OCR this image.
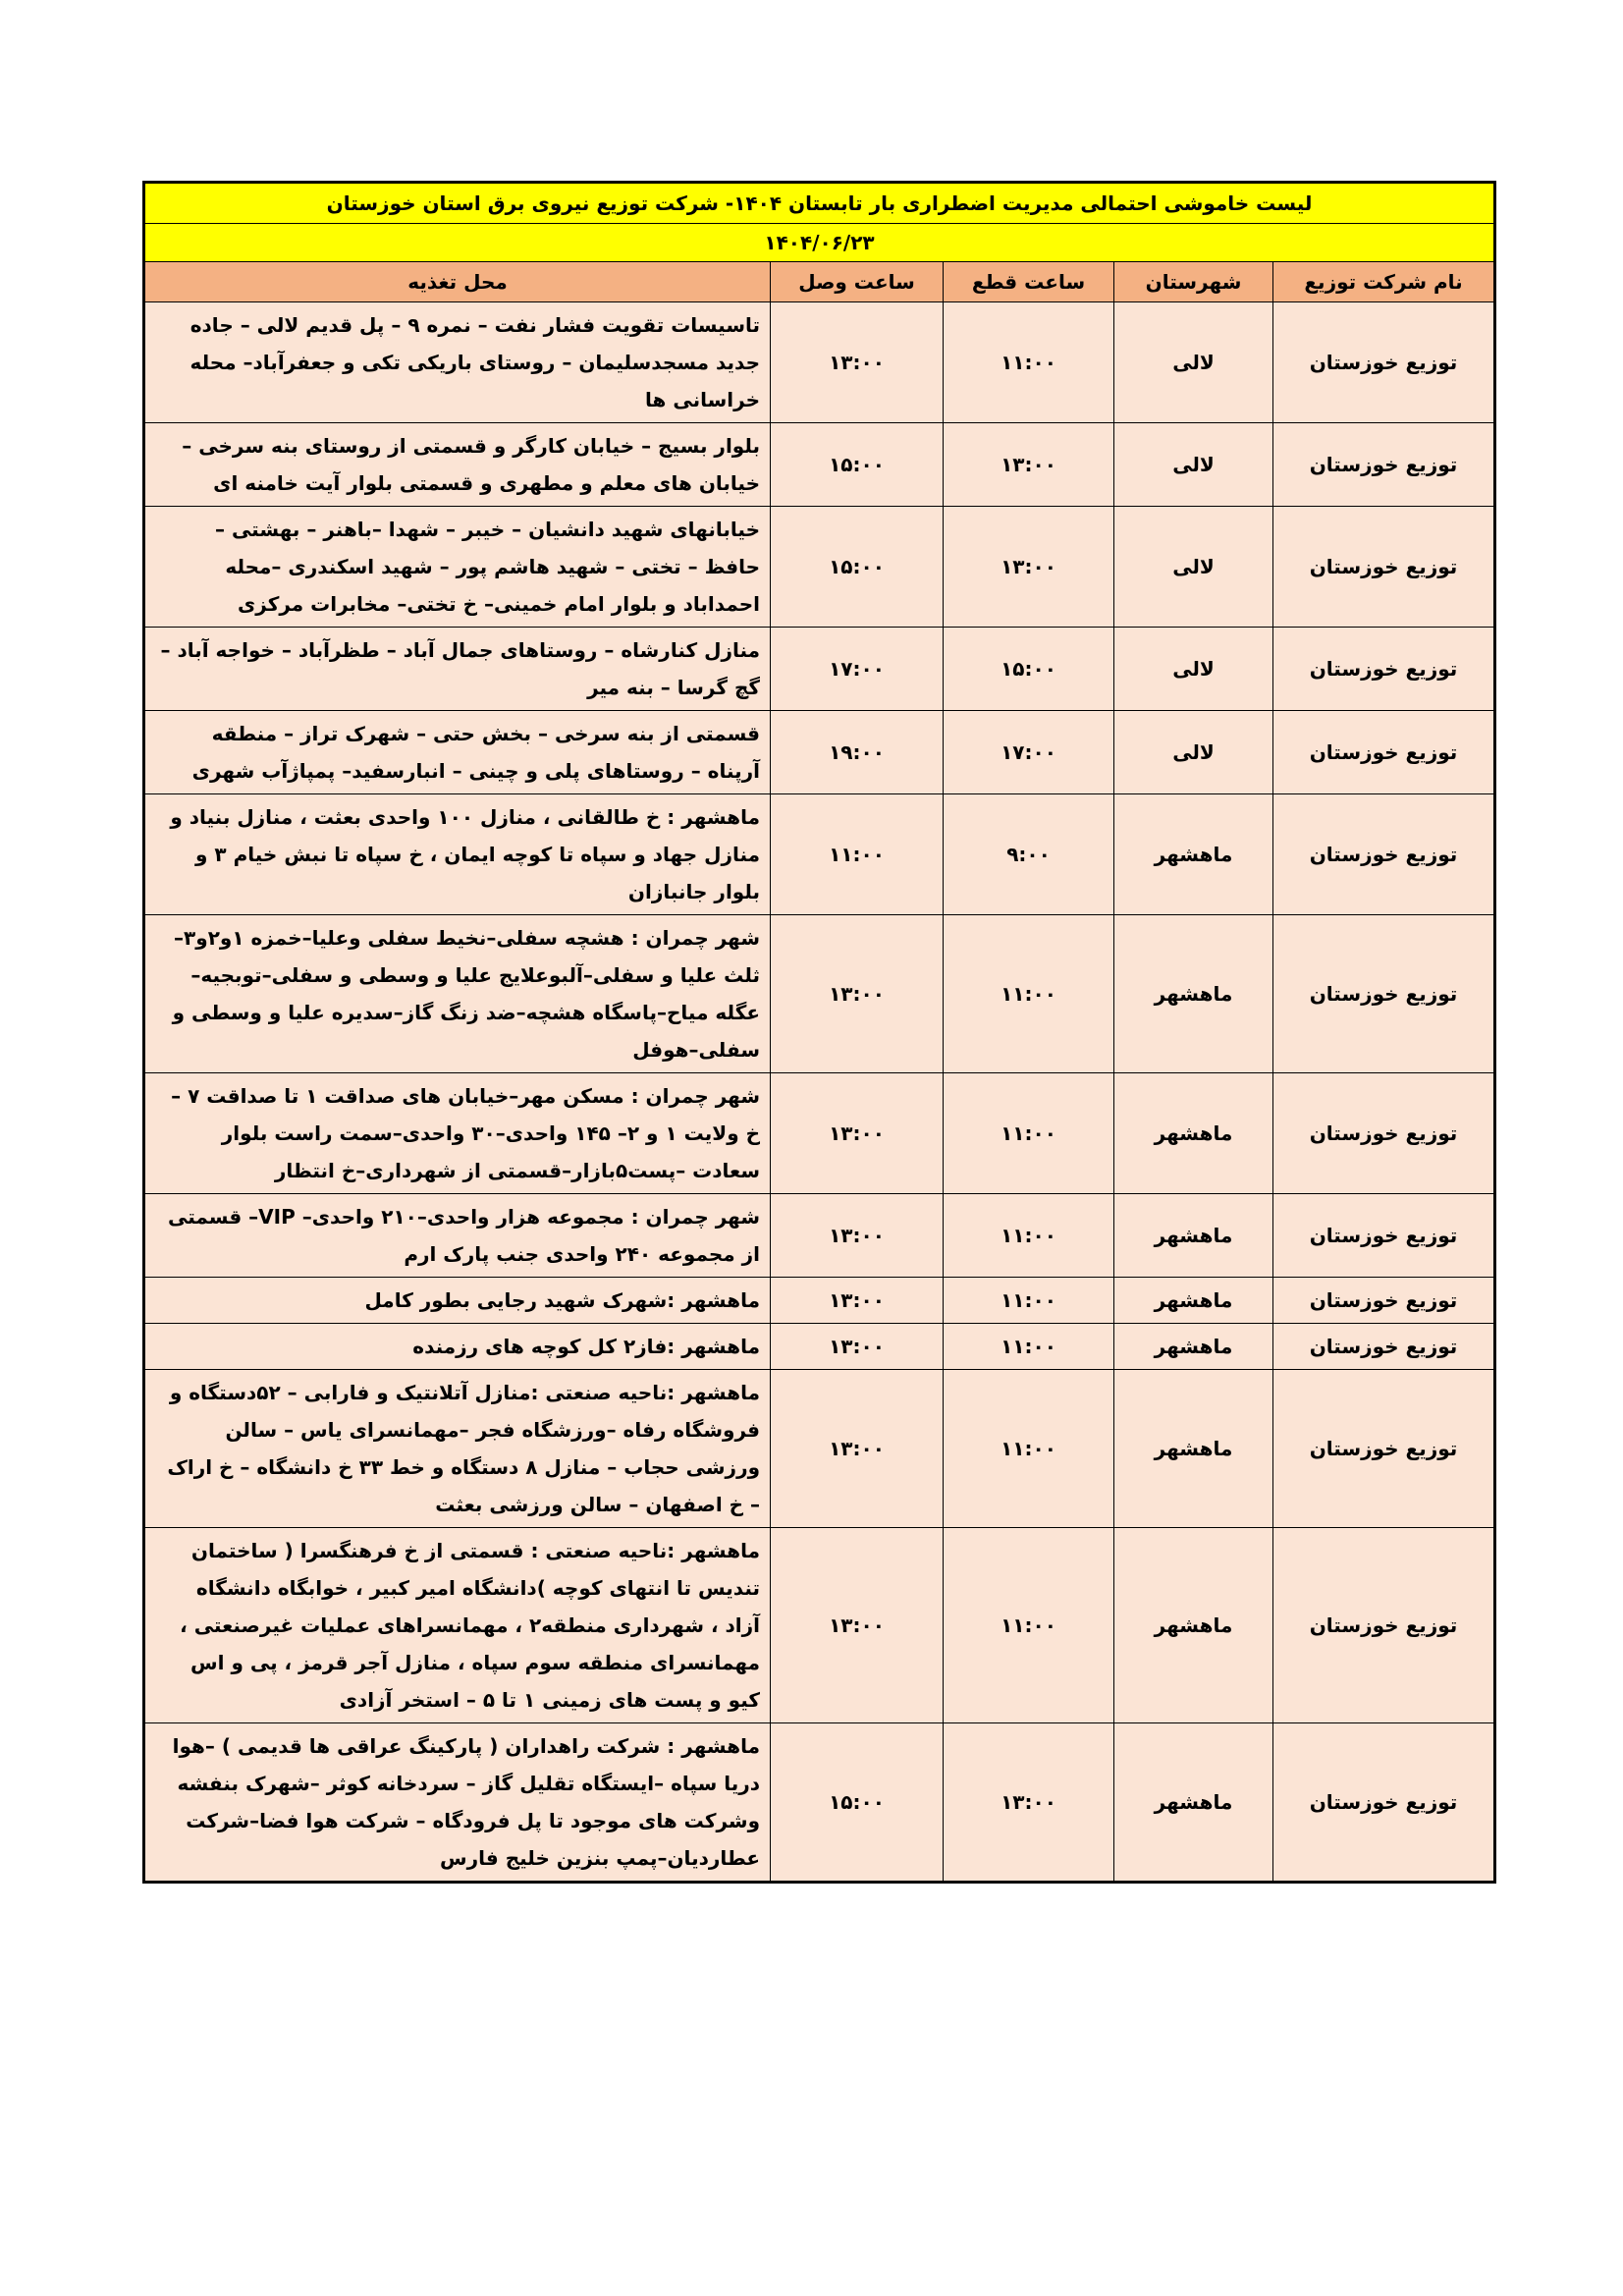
لیست خاموشی احتمالی مدیریت اضطراری بار تابستان ۱۴۰۴- شرکت توزیع نیروی برق استان خوزستان				
۱۴۰۴/۰۶/۲۳				
نام شرکت توزیع	شهرستان	ساعت قطع	ساعت وصل	محل تغذیه
توزیع خوزستان	لالی	۱۱:۰۰	۱۳:۰۰	تاسیسات تقویت فشار نفت – نمره ۹ – پل قدیم لالی – جاده جدید مسجدسلیمان – روستای باریکی تکی و جعفرآباد– محله خراسانی ها
توزیع خوزستان	لالی	۱۳:۰۰	۱۵:۰۰	بلوار بسیج – خیابان کارگر و قسمتی از روستای بنه سرخی – خیابان های معلم و مطهری و قسمتی بلوار آیت خامنه ای
توزیع خوزستان	لالی	۱۳:۰۰	۱۵:۰۰	خیابانهای شهید دانشیان – خیبر – شهدا –باهنر – بهشتی – حافظ – تختی – شهید هاشم پور – شهید اسکندری –محله احمداباد و بلوار امام خمینی– خ تختی– مخابرات مرکزی
توزیع خوزستان	لالی	۱۵:۰۰	۱۷:۰۰	منازل کنارشاه – روستاهای جمال آباد – طظرآباد – خواجه آباد – گچ گرسا – بنه میر
توزیع خوزستان	لالی	۱۷:۰۰	۱۹:۰۰	قسمتی از بنه سرخی – بخش حتی – شهرک تراز – منطقه آرپناه – روستاهای پلی و چینی – انبارسفید– پمپاژآب شهری
توزیع خوزستان	ماهشهر	۹:۰۰	۱۱:۰۰	ماهشهر : خ طالقانی ، منازل ۱۰۰ واحدی بعثت ، منازل بنیاد و منازل جهاد و سپاه تا کوچه ایمان ، خ سپاه تا نبش خیام ۳ و بلوار جانبازان
توزیع خوزستان	ماهشهر	۱۱:۰۰	۱۳:۰۰	شهر چمران : هشچه سفلی–نخیط سفلی وعلیا–خمزه ۱و۲و۳– ثلث علیا و سفلی–آلبوعلایج علیا و وسطی و سفلی–توبجیه– عگله میاح–پاسگاه هشچه–ضد زنگ گاز–سدیره علیا و وسطی و سفلی–هوفل
توزیع خوزستان	ماهشهر	۱۱:۰۰	۱۳:۰۰	شهر چمران : مسکن مهر–خیابان های صداقت ۱ تا صداقت ۷ – خ ولایت ۱ و ۲– ۱۴۵ واحدی–۳۰ واحدی–سمت راست بلوار سعادت –پست۵بازار–قسمتی از شهرداری–خ انتظار
توزیع خوزستان	ماهشهر	۱۱:۰۰	۱۳:۰۰	شهر چمران : مجموعه هزار واحدی–۲۱۰ واحدی– VIP– قسمتی از مجموعه ۲۴۰ واحدی جنب پارک ارم
توزیع خوزستان	ماهشهر	۱۱:۰۰	۱۳:۰۰	ماهشهر :شهرک شهید رجایی بطور کامل
توزیع خوزستان	ماهشهر	۱۱:۰۰	۱۳:۰۰	ماهشهر :فاز۲ کل کوچه های رزمنده
توزیع خوزستان	ماهشهر	۱۱:۰۰	۱۳:۰۰	ماهشهر :ناحیه صنعتی :منازل آتلانتیک و فارابی – ۵۲دستگاه و فروشگاه رفاه –ورزشگاه فجر –مهمانسرای یاس – سالن ورزشی حجاب – منازل ۸ دستگاه و خط ۳۳ خ دانشگاه – خ اراک – خ اصفهان – سالن ورزشی بعثت
توزیع خوزستان	ماهشهر	۱۱:۰۰	۱۳:۰۰	ماهشهر :ناحیه صنعتی : قسمتی از خ فرهنگسرا ( ساختمان تندیس تا انتهای کوچه )دانشگاه امیر کبیر ، خوابگاه دانشگاه آزاد ، شهرداری منطقه۲ ، مهمانسراهای عملیات غیرصنعتی ، مهمانسرای منطقه سوم سپاه ، منازل آجر قرمز ، پی و اس کیو و پست های زمینی ۱ تا ۵ – استخر آزادی
توزیع خوزستان	ماهشهر	۱۳:۰۰	۱۵:۰۰	ماهشهر : شرکت راهداران ( پارکینگ عراقی ها قدیمی ) –هوا دریا سپاه –ایستگاه تقلیل گاز – سردخانه کوثر –شهرک بنفشه وشرکت های موجود تا پل فرودگاه – شرکت هوا فضا–شرکت عطاردیان–پمپ بنزین خلیج فارس
